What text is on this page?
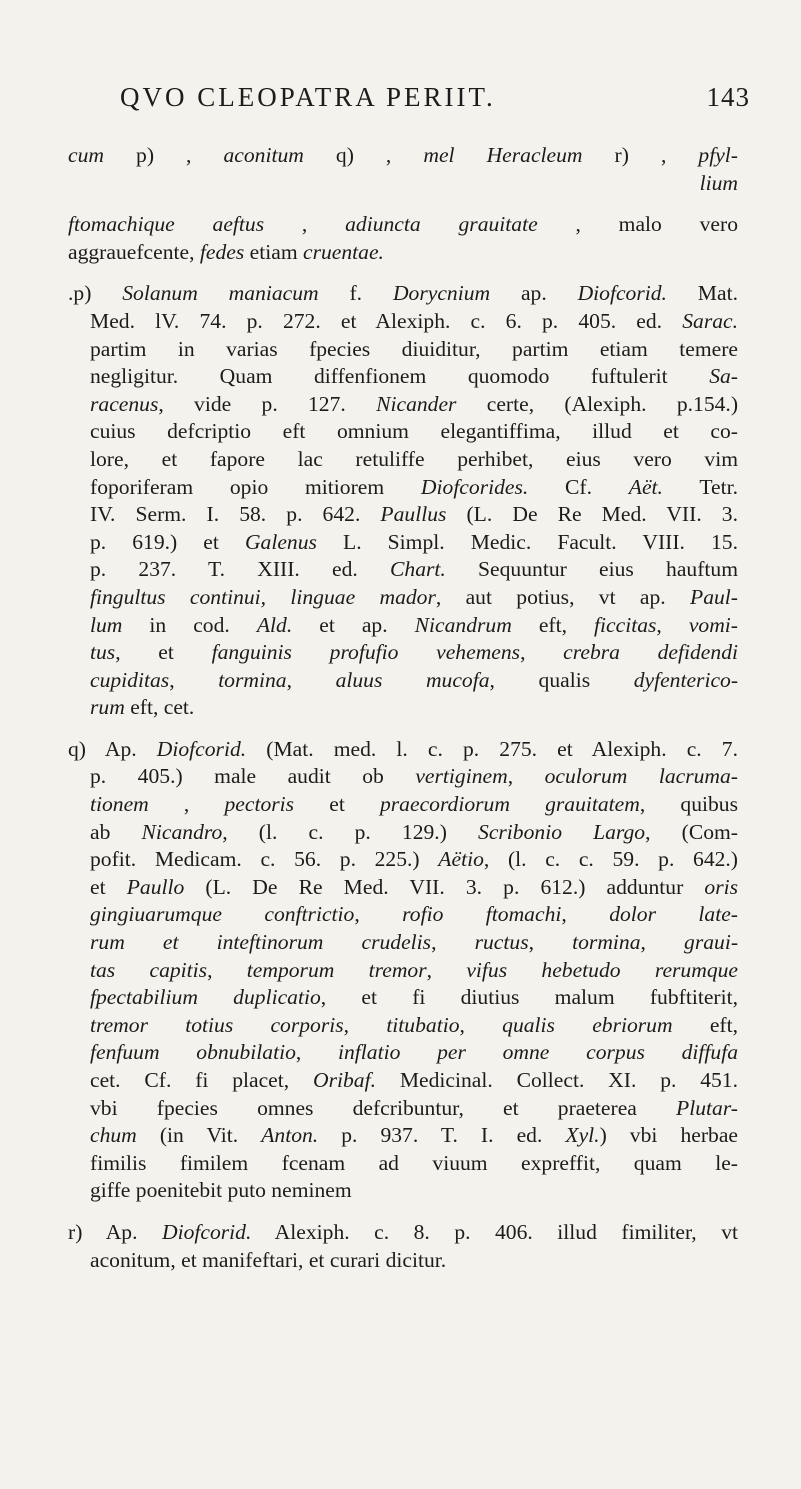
QVO CLEOPATRA PERIIT.	143
cum p) , aconitum q) , mel Heracleum r) , pfyl-
lium
ftomachique aeftus , adiuncta grauitate , malo vero
aggrauefcente, fedes etiam cruentae.
.p) Solanum maniacum f. Dorycnium ap. Diofcorid. Mat.
Med. lV. 74. p. 272. et Alexiph. c. 6. p. 405. ed. Sarac.
partim in varias fpecies diuiditur, partim etiam temere
negligitur. Quam diffenfionem quomodo fuftulerit Sa-
racenus, vide p. 127. Nicander certe, (Alexiph. p.154.)
cuius defcriptio eft omnium elegantiffima, illud et co-
lore, et fapore lac retuliffe perhibet, eius vero vim
foporiferam opio mitiorem Diofcorides. Cf. Aët. Tetr.
IV. Serm. I. 58. p. 642. Paullus (L. De Re Med. VII. 3.
p. 619.) et Galenus L. Simpl. Medic. Facult. VIII. 15.
p. 237. T. XIII. ed. Chart. Sequuntur eius hauftum
fingultus continui, linguae mador, aut potius, vt ap. Paul-
lum in cod. Ald. et ap. Nicandrum eft, ficcitas, vomi-
tus, et fanguinis profufio vehemens, crebra defidendi
cupiditas, tormina, aluus mucofa, qualis dyfenterico-
rum eft, cet.
q) Ap. Diofcorid. (Mat. med. l. c. p. 275. et Alexiph. c. 7.
p. 405.) male audit ob vertiginem, oculorum lacruma-
tionem , pectoris et praecordiorum grauitatem, quibus
ab Nicandro, (l. c. p. 129.) Scribonio Largo, (Com-
pofit. Medicam. c. 56. p. 225.) Aëtio, (l. c. c. 59. p. 642.)
et Paullo (L. De Re Med. VII. 3. p. 612.) adduntur oris
gingiuarumque conftrictio, rofio ftomachi, dolor late-
rum et inteftinorum crudelis, ructus, tormina, graui-
tas capitis, temporum tremor, vifus hebetudo rerumque
fpectabilium duplicatio, et fi diutius malum fubftiterit,
tremor totius corporis, titubatio, qualis ebriorum eft,
fenfuum obnubilatio, inflatio per omne corpus diffufa
cet. Cf. fi placet, Oribaf. Medicinal. Collect. XI. p. 451.
vbi fpecies omnes defcribuntur, et praeterea Plutar-
chum (in Vit. Anton. p. 937. T. I. ed. Xyl.) vbi herbae
fimilis fimilem fcenam ad viuum expreffit, quam le-
giffe poenitebit puto neminem
r) Ap. Diofcorid. Alexiph. c. 8. p. 406. illud fimiliter, vt
aconitum, et manifeftari, et curari dicitur.
